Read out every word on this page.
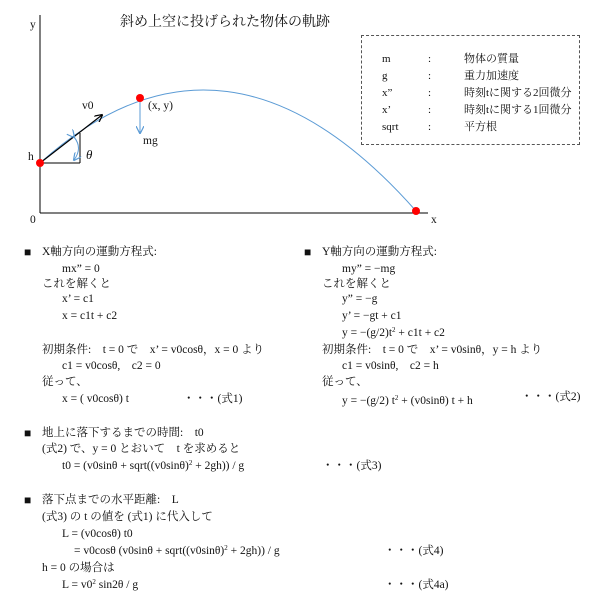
斜め上空に投げられた物体の軌跡
y
x
0
h
v0
θ
(x, y)
mg
m	:	物体の質量
g	:	重力加速度
x”	:	時刻tに関する2回微分
x’	:	時刻tに関する1回微分
sqrt	:	平方根
■ X軸方向の運動方程式:
mx” = 0
これを解くと
x’ = c1
x = c1t + c2
初期条件:　t = 0 で　x’ = v0cosθ，x = 0 より
c1 = v0cosθ,　c2 = 0
従って、
x = ( v0cosθ) t	・・・(式1)
■ Y軸方向の運動方程式:
my” = −mg
これを解くと
y” = −g
y’ = −gt + c1
$y = -(g/2)t^2 + c1t + c2$
初期条件:　t = 0 で　x’ = v0sinθ，y = h より
c1 = v0sinθ,　c2 = h
従って、
y = −(g/2) $t^2 + (v0\sin\theta) t + h$	・・・(式2)
■ 地上に落下するまでの時間:　t0
(式2) で、y = 0 とおいて　t を求めると
$t0 = (v0\sin\theta + sqrt((v0\sin\theta)^2 + 2gh)) / g$	・・・(式3)
■ 落下点までの水平距離:　L
(式3) の t の値を (式1) に代入して
L = (v0cosθ) t0
= v0cosθ $(v0\sin\theta + sqrt((v0\sin\theta)^2 + 2gh)) / g$	・・・(式4)
h = 0 の場合は
$L = v0^2$ sin2θ / g	・・・(式4a)
